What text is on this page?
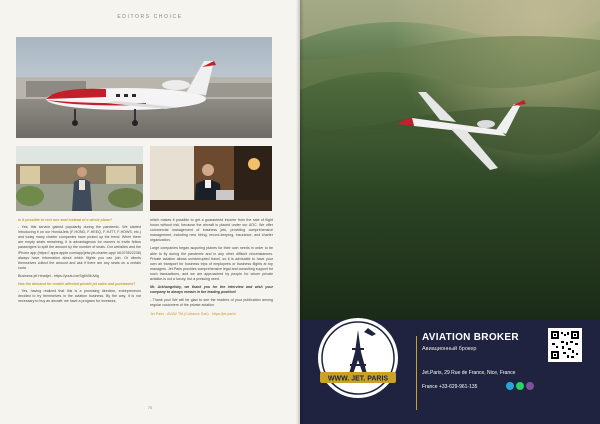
EDITORS CHOICE
Is it possible to rent one seat instead of a whole plane?
- Yes, this service gained popularity during the pandemic. We started introducing it on our HondaJets (F-HOND, F-HEEQ, F-HJTT, F-HOWS, etc.) and today many charter companies have picked up the trend. When there are empty seats remaining, it is advantageous for owners to invite fellow passengers to split the amount by the number of seats. Our websites and the iPhone app (https:// apps.apple.com/app/jetw-jet-charter-app/ id1370522238) always have information about which flights you can join. Or clients themselves collect the amount and ask if there are any seats on a certain route.
Business jet Headjet - https://youtu.be/Sg6h0kJvllg
Has the demand for mobile affected private jet sales and purchases?
- Yes, having realized that this is a promising direction, entrepreneurs decided to try themselves in the aviation business. By the way, it is not necessary to buy an aircraft: we have a program for investors,
which makes it possible to get a guaranteed income from the sale of flight hours without risk, because the aircraft is placed under our AOC. We offer commercial management of business jets, providing comprehensive management, including new hiring, record-keeping, insurance, and charter organization.
Large companies began acquiring planes for their own needs in order to be able to fly during the pandemic and in any other difficult circumstances. Private aviation allows uninterrupted travel, so it is advisable to have your own air transport for business trips of employees or business flights at top managers. Jet.Paris provides comprehensive legal and consulting support for such transactions, and we are approached by people for whom private aviation is not a luxury, but a pressing need.
Mr. Arkhangelsky, we thank you for the interview and wish your company to always remain in the leading position!
- Thank you! We will be glad to see the readers of your publication among regular customers of the private aviation.
Jet.Paris - AVIAV TM (Cofrance Sarl) - https://jet.paris/
70
WWW. JET. PARIS
AVIATION BROKER
Авиационный брокер
Jet.Paris, 29 Rue de France, Nice, France
France +33-629-961-135
